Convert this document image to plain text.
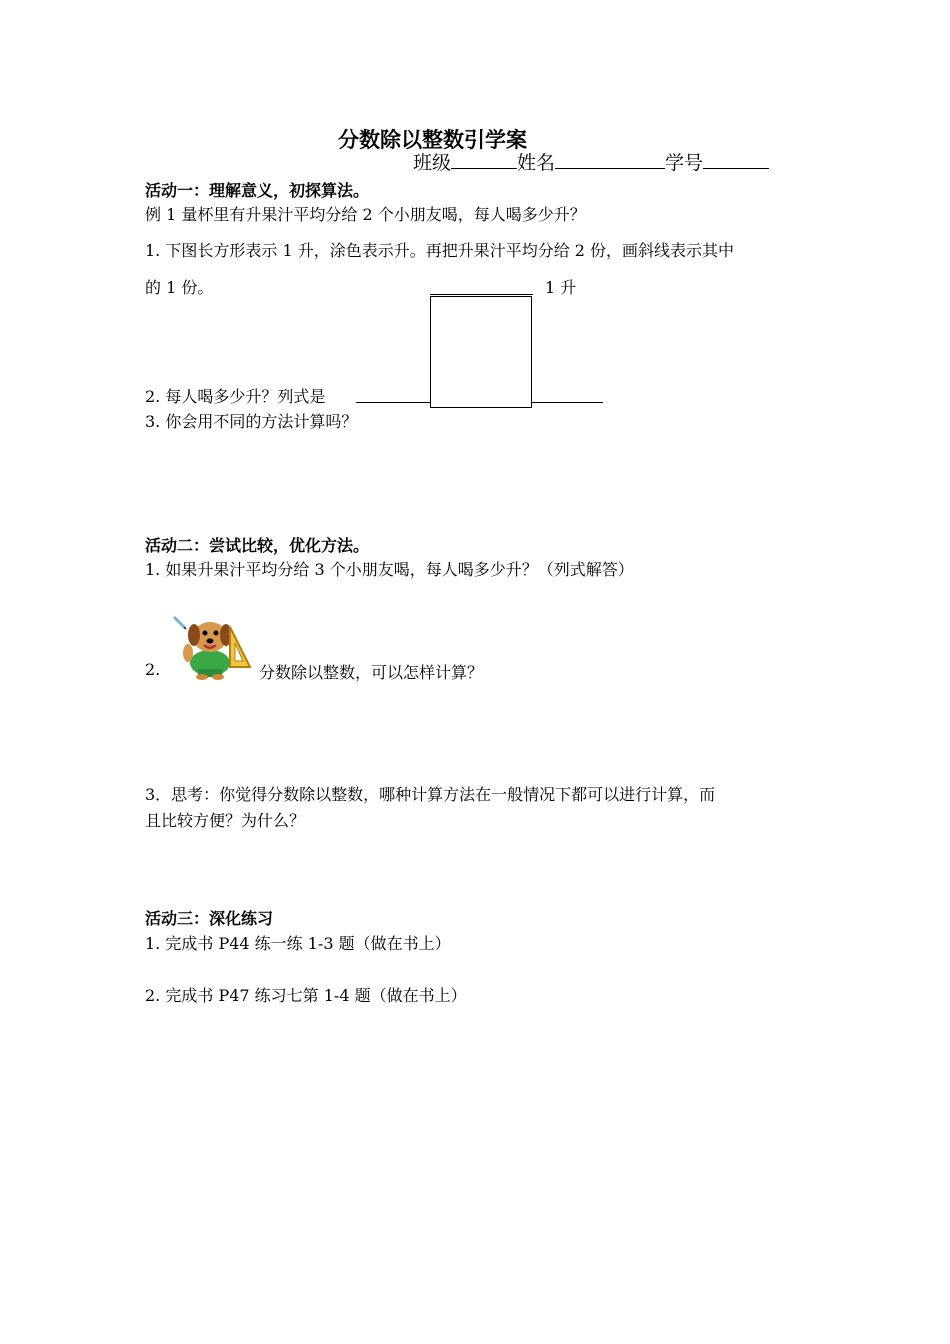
分数除以整数引学案
班级	姓名	学号
活动一：理解意义，初探算法。
例 1 量杯里有升果汁平均分给 2 个小朋友喝，每人喝多少升？
1. 下图长方形表示 1 升，涂色表示升。再把升果汁平均分给 2 份，画斜线表示其中
的 1 份。	1 升
2. 每人喝多少升？列式是
3. 你会用不同的方法计算吗？
活动二：尝试比较，优化方法。
1. 如果升果汁平均分给 3 个小朋友喝，每人喝多少升？（列式解答）
2.	分数除以整数，可以怎样计算？
3．思考：你觉得分数除以整数，哪种计算方法在一般情况下都可以进行计算，而
且比较方便？为什么？
活动三：深化练习
1. 完成书 P44 练一练 1-3 题（做在书上）
2. 完成书 P47 练习七第 1-4 题（做在书上）
